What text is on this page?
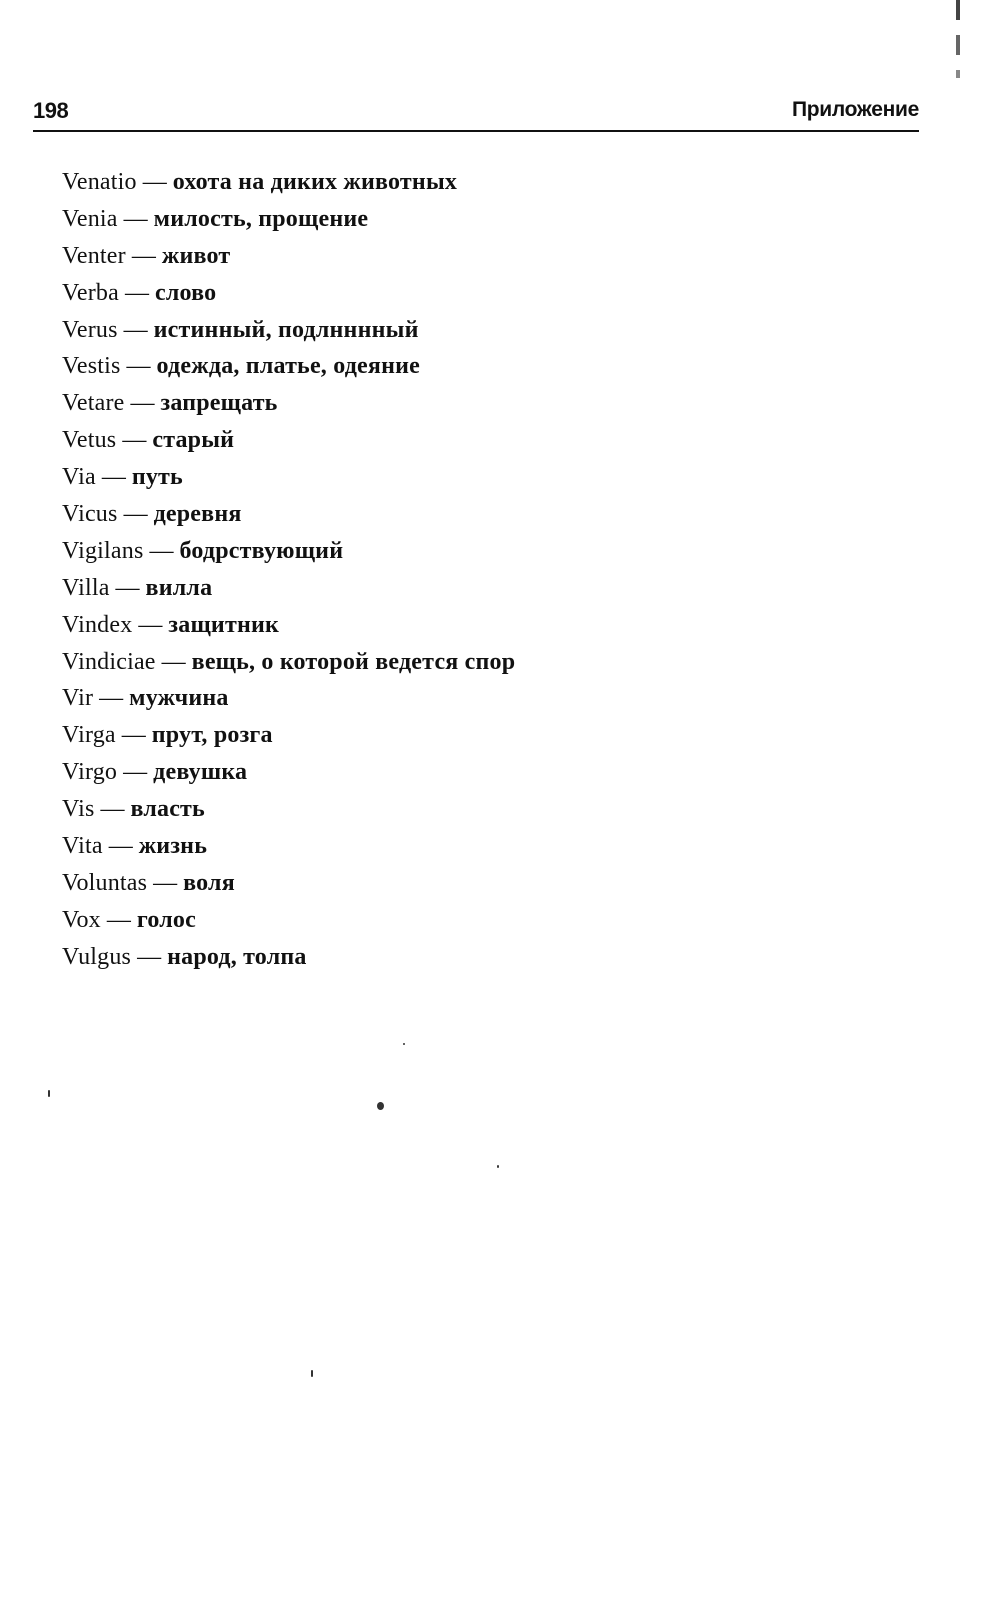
198	Приложение
Venatio — охота на диких животных
Venia — милость, прощение
Venter — живот
Verba — слово
Verus — истинный, подлнннный
Vestis — одежда, платье, одеяние
Vetare — запрещать
Vetus — старый
Via — путь
Vicus — деревня
Vigilans — бодрствующий
Villa — вилла
Vindex — защитник
Vindiciae — вещь, о которой ведется спор
Vir — мужчина
Virga — прут, розга
Virgo — девушка
Vis — власть
Vita — жизнь
Voluntas — воля
Vox — голос
Vulgus — народ, толпа
